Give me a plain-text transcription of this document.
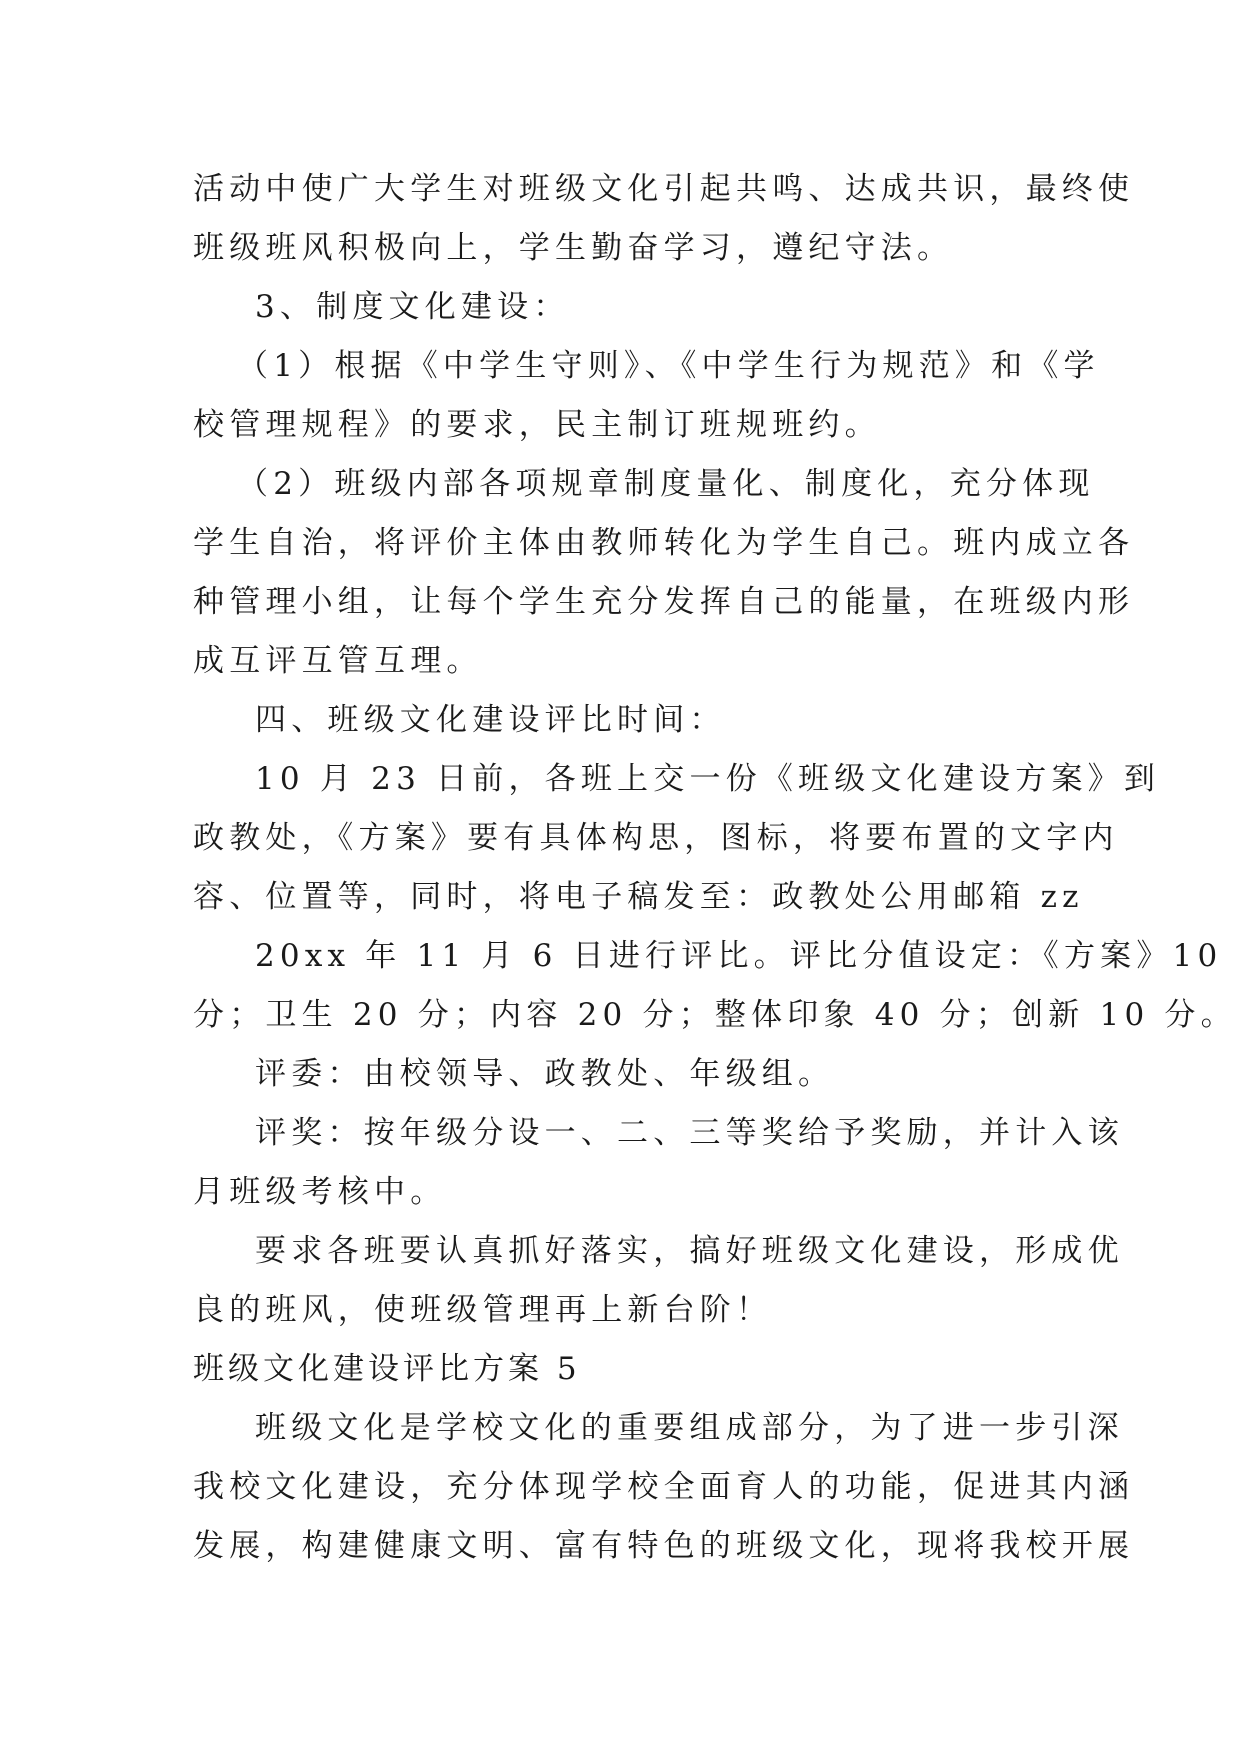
活动中使广大学生对班级文化引起共鸣、达成共识，最终使
班级班风积极向上，学生勤奋学习，遵纪守法。
3、制度文化建设：
（1）根据《中学生守则》、《中学生行为规范》和《学
校管理规程》的要求，民主制订班规班约。
（2）班级内部各项规章制度量化、制度化，充分体现
学生自治，将评价主体由教师转化为学生自己。班内成立各
种管理小组，让每个学生充分发挥自己的能量，在班级内形
成互评互管互理。
四、班级文化建设评比时间：
10 月 23 日前，各班上交一份《班级文化建设方案》到
政教处，《方案》要有具体构思，图标，将要布置的文字内
容、位置等，同时，将电子稿发至：政教处公用邮箱 zz
20xx 年 11 月 6 日进行评比。评比分值设定：《方案》10
分；卫生 20 分；内容 20 分；整体印象 40 分；创新 10 分。
评委：由校领导、政教处、年级组。
评奖：按年级分设一、二、三等奖给予奖励，并计入该
月班级考核中。
要求各班要认真抓好落实，搞好班级文化建设，形成优
良的班风，使班级管理再上新台阶！
班级文化建设评比方案 5
班级文化是学校文化的重要组成部分，为了进一步引深
我校文化建设，充分体现学校全面育人的功能，促进其内涵
发展，构建健康文明、富有特色的班级文化，现将我校开展
